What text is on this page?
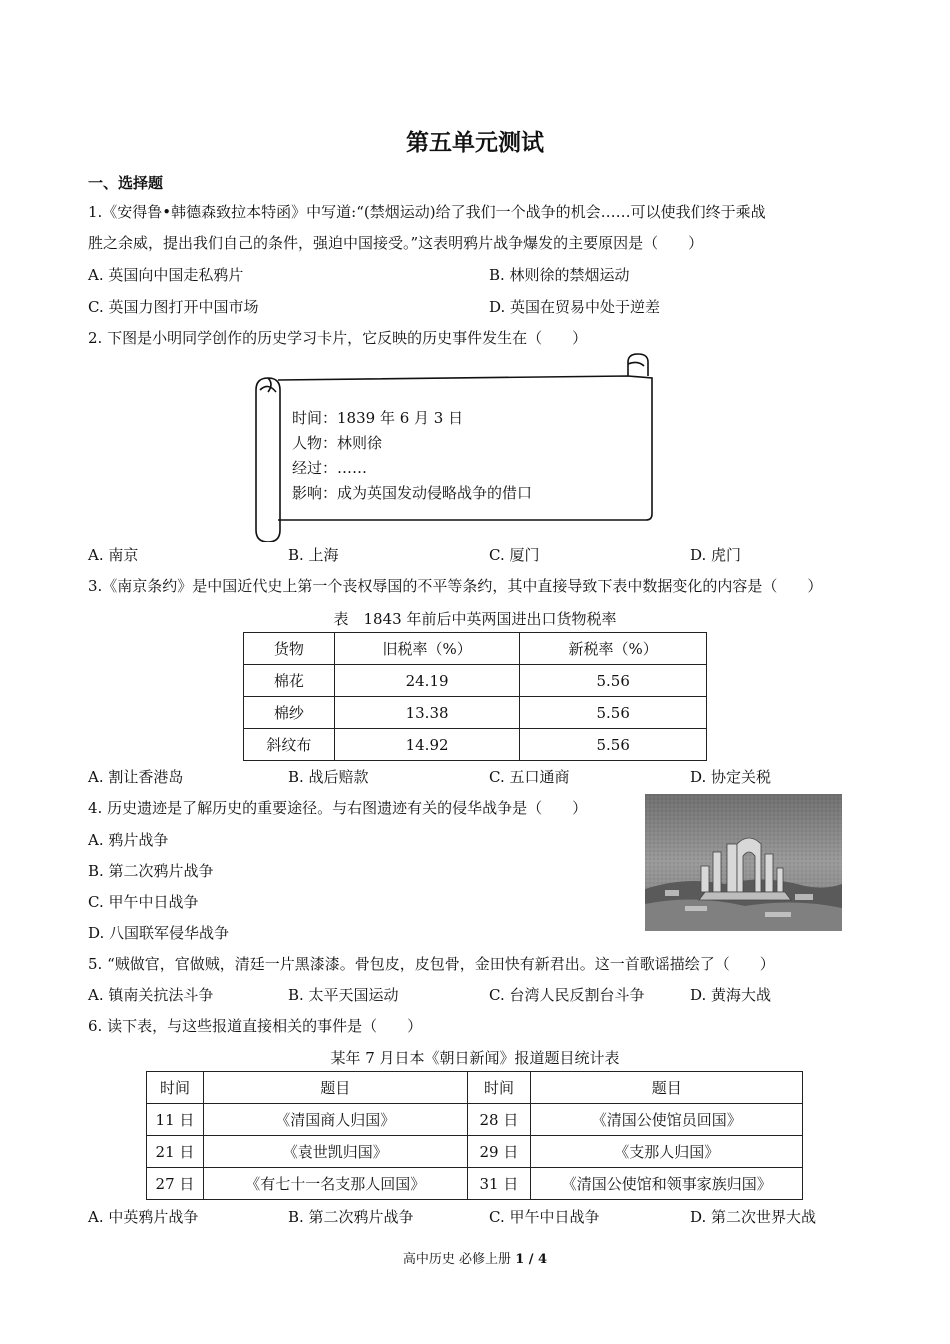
第五单元测试
一、选择题
1.《安得鲁•韩德森致拉本特函》中写道:“(禁烟运动)给了我们一个战争的机会……可以使我们终于乘战
胜之余威，提出我们自己的条件，强迫中国接受。”这表明鸦片战争爆发的主要原因是（　　）
A. 英国向中国走私鸦片	B. 林则徐的禁烟运动
C. 英国力图打开中国市场	D. 英国在贸易中处于逆差
2. 下图是小明同学创作的历史学习卡片，它反映的历史事件发生在（　　）
时间：1839 年 6 月 3 日
人物：林则徐
经过：……
影响：成为英国发动侵略战争的借口
A. 南京	B. 上海	C. 厦门	D. 虎门
3.《南京条约》是中国近代史上第一个丧权辱国的不平等条约，其中直接导致下表中数据变化的内容是（　　）
表　1843 年前后中英两国进出口货物税率
货物	旧税率（%）	新税率（%）
棉花	24.19	5.56
棉纱	13.38	5.56
斜纹布	14.92	5.56
A. 割让香港岛	B. 战后赔款	C. 五口通商	D. 协定关税
4. 历史遗迹是了解历史的重要途径。与右图遗迹有关的侵华战争是（　　）
A. 鸦片战争
B. 第二次鸦片战争
C. 甲午中日战争
D. 八国联军侵华战争
5. “贼做官，官做贼，清廷一片黑漆漆。骨包皮，皮包骨，金田快有新君出。这一首歌谣描绘了（　　）
A. 镇南关抗法斗争	B. 太平天国运动	C. 台湾人民反割台斗争	D. 黄海大战
6. 读下表，与这些报道直接相关的事件是（　　）
某年 7 月日本《朝日新闻》报道题目统计表
时间	题目	时间	题目
11 日	《清国商人归国》	28 日	《清国公使馆员回国》
21 日	《袁世凯归国》	29 日	《支那人归国》
27 日	《有七十一名支那人回国》	31 日	《清国公使馆和领事家族归国》
A. 中英鸦片战争	B. 第二次鸦片战争	C. 甲午中日战争	D. 第二次世界大战
高中历史 必修上册 1 / 4
